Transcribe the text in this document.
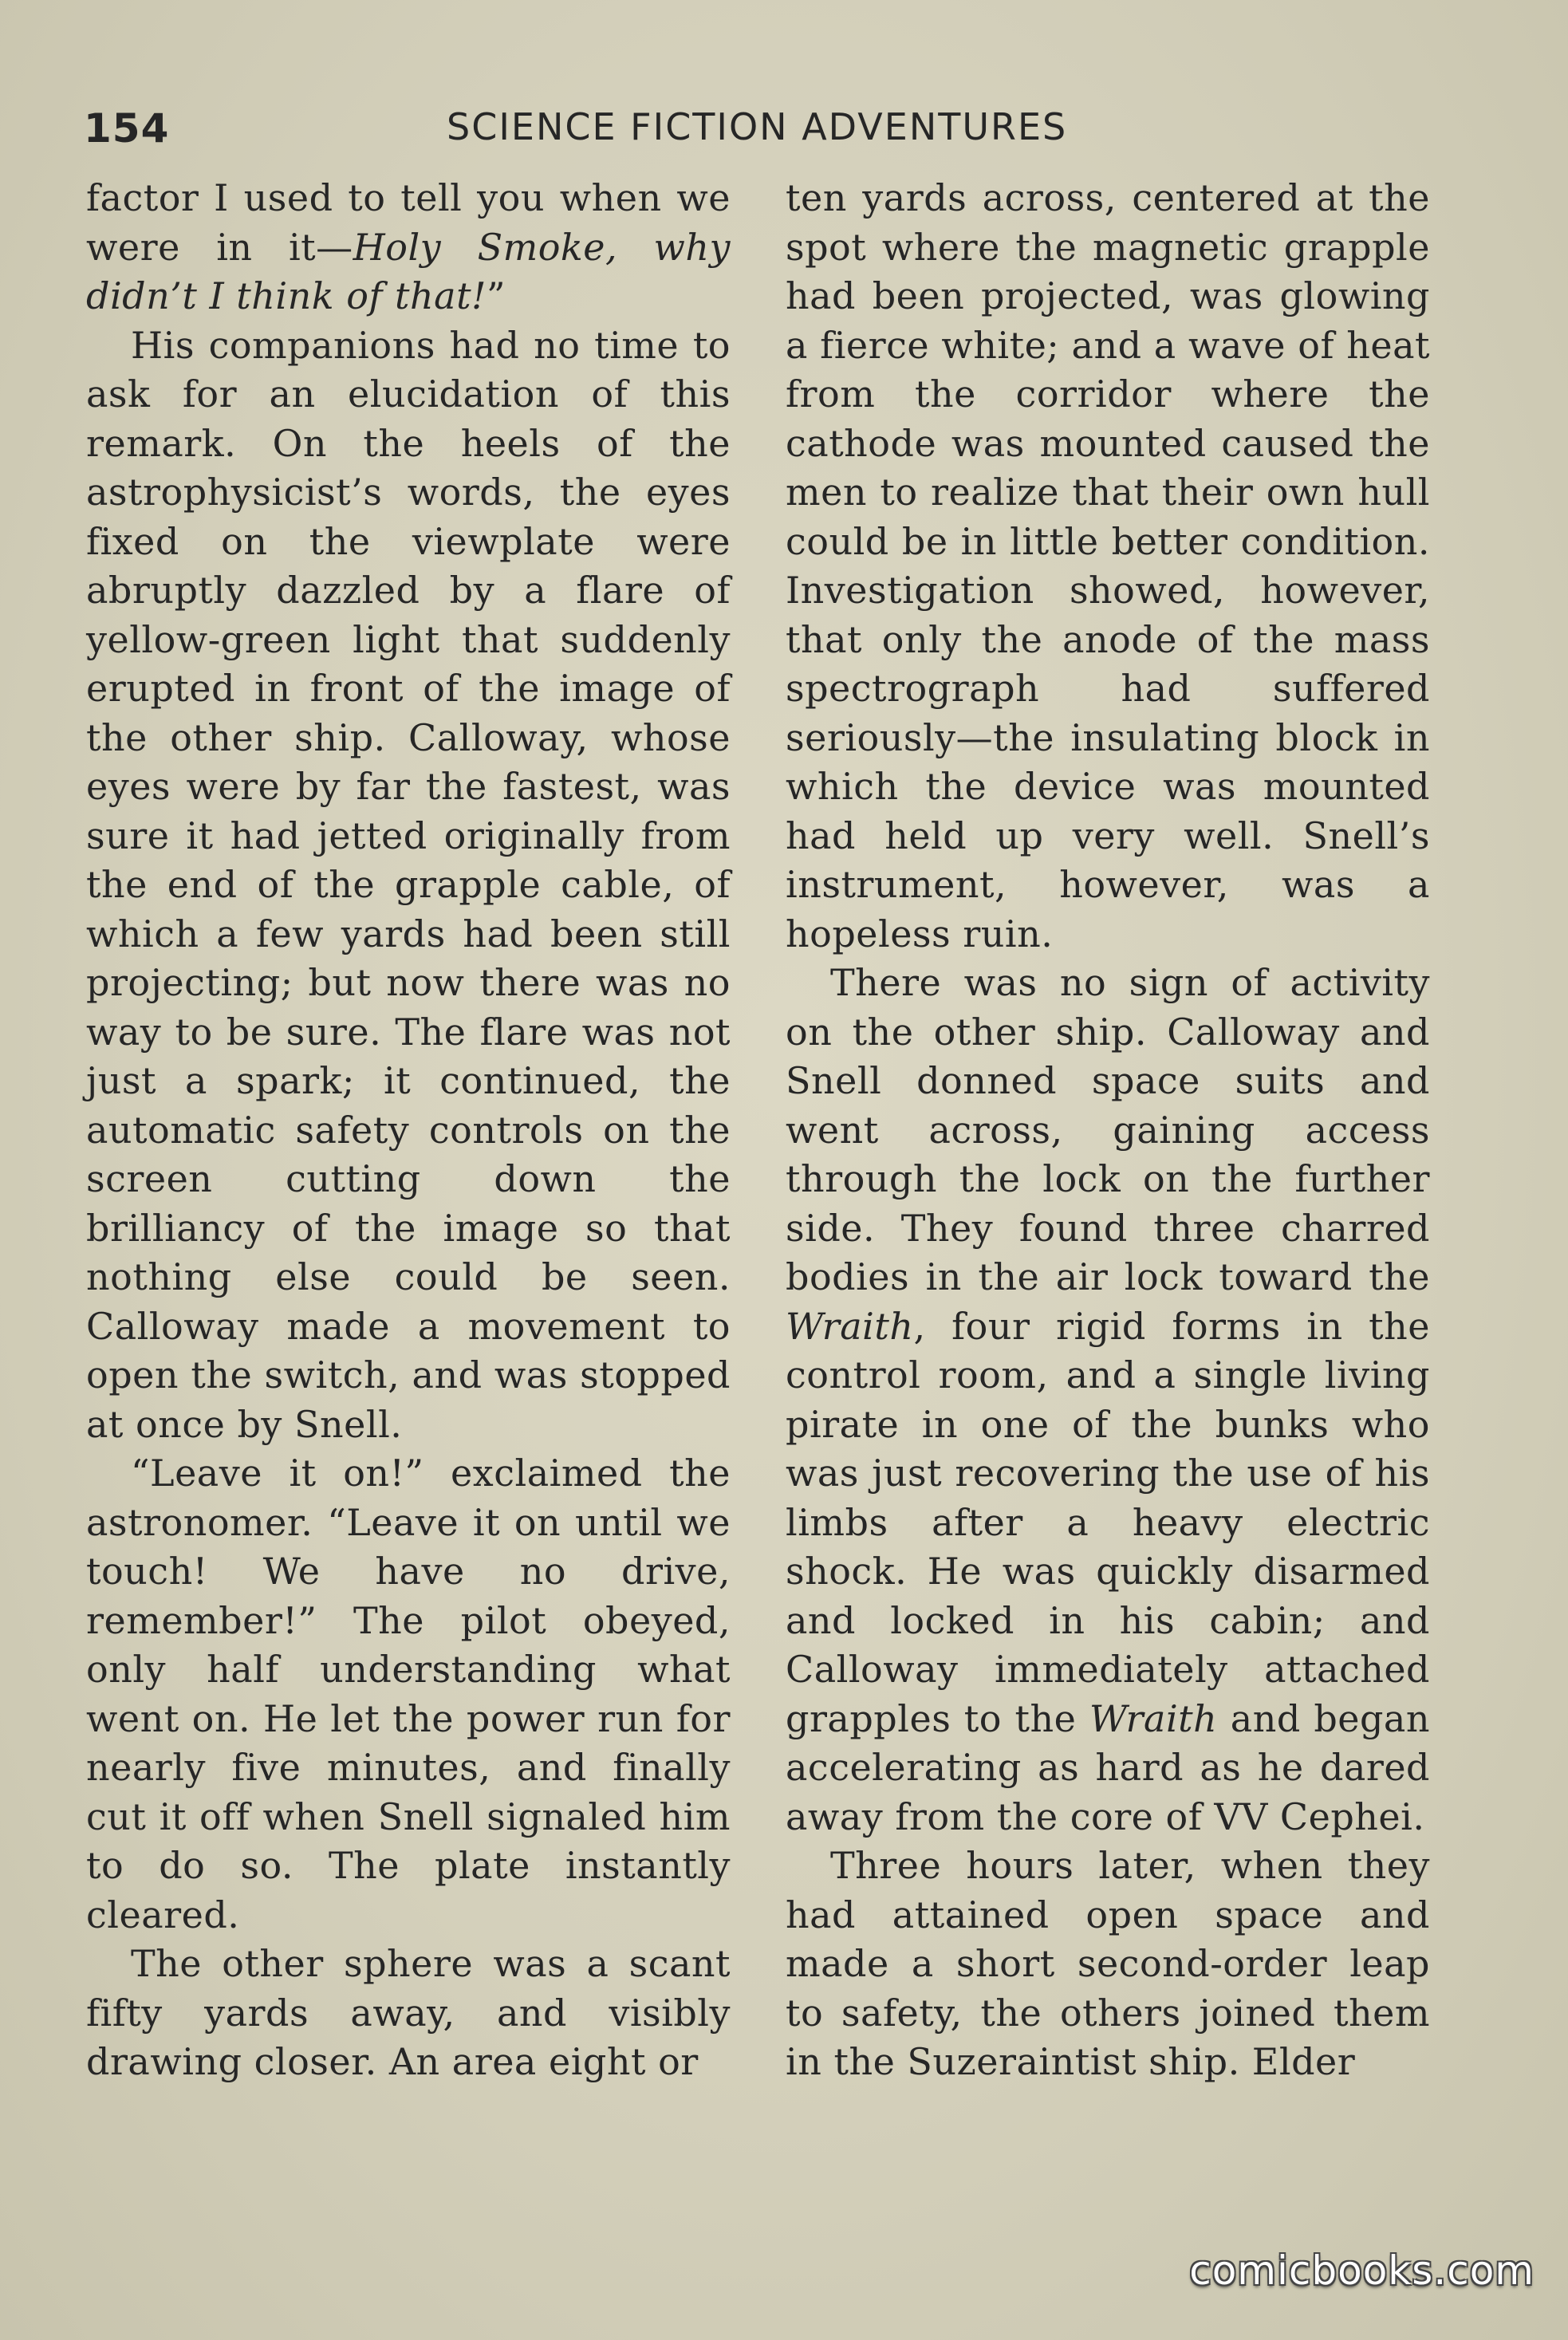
154	SCIENCE FICTION ADVENTURES

factor I used to tell you when we were in it—Holy Smoke, why didn’t I think of that!”

His companions had no time to ask for an elucidation of this remark. On the heels of the astrophysicist’s words, the eyes fixed on the viewplate were abruptly dazzled by a flare of yellow-green light that suddenly erupted in front of the image of the other ship. Calloway, whose eyes were by far the fastest, was sure it had jetted originally from the end of the grapple cable, of which a few yards had been still projecting; but now there was no way to be sure. The flare was not just a spark; it continued, the automatic safety controls on the screen cutting down the brilliancy of the image so that nothing else could be seen. Calloway made a movement to open the switch, and was stopped at once by Snell.

“Leave it on!” exclaimed the astronomer. “Leave it on until we touch! We have no drive, remember!” The pilot obeyed, only half understanding what went on. He let the power run for nearly five minutes, and finally cut it off when Snell signaled him to do so. The plate instantly cleared.

The other sphere was a scant fifty yards away, and visibly drawing closer. An area eight or

ten yards across, centered at the spot where the magnetic grapple had been projected, was glowing a fierce white; and a wave of heat from the corridor where the cathode was mounted caused the men to realize that their own hull could be in little better condition. Investigation showed, however, that only the anode of the mass spectrograph had suffered seriously—the insulating block in which the device was mounted had held up very well. Snell’s instrument, however, was a hopeless ruin.

There was no sign of activity on the other ship. Calloway and Snell donned space suits and went across, gaining access through the lock on the further side. They found three charred bodies in the air lock toward the Wraith, four rigid forms in the control room, and a single living pirate in one of the bunks who was just recovering the use of his limbs after a heavy electric shock. He was quickly disarmed and locked in his cabin; and Calloway immediately attached grapples to the Wraith and began accelerating as hard as he dared away from the core of VV Cephei.

Three hours later, when they had attained open space and made a short second-order leap to safety, the others joined them in the Suzeraintist ship. Elder

comicbooks.com
